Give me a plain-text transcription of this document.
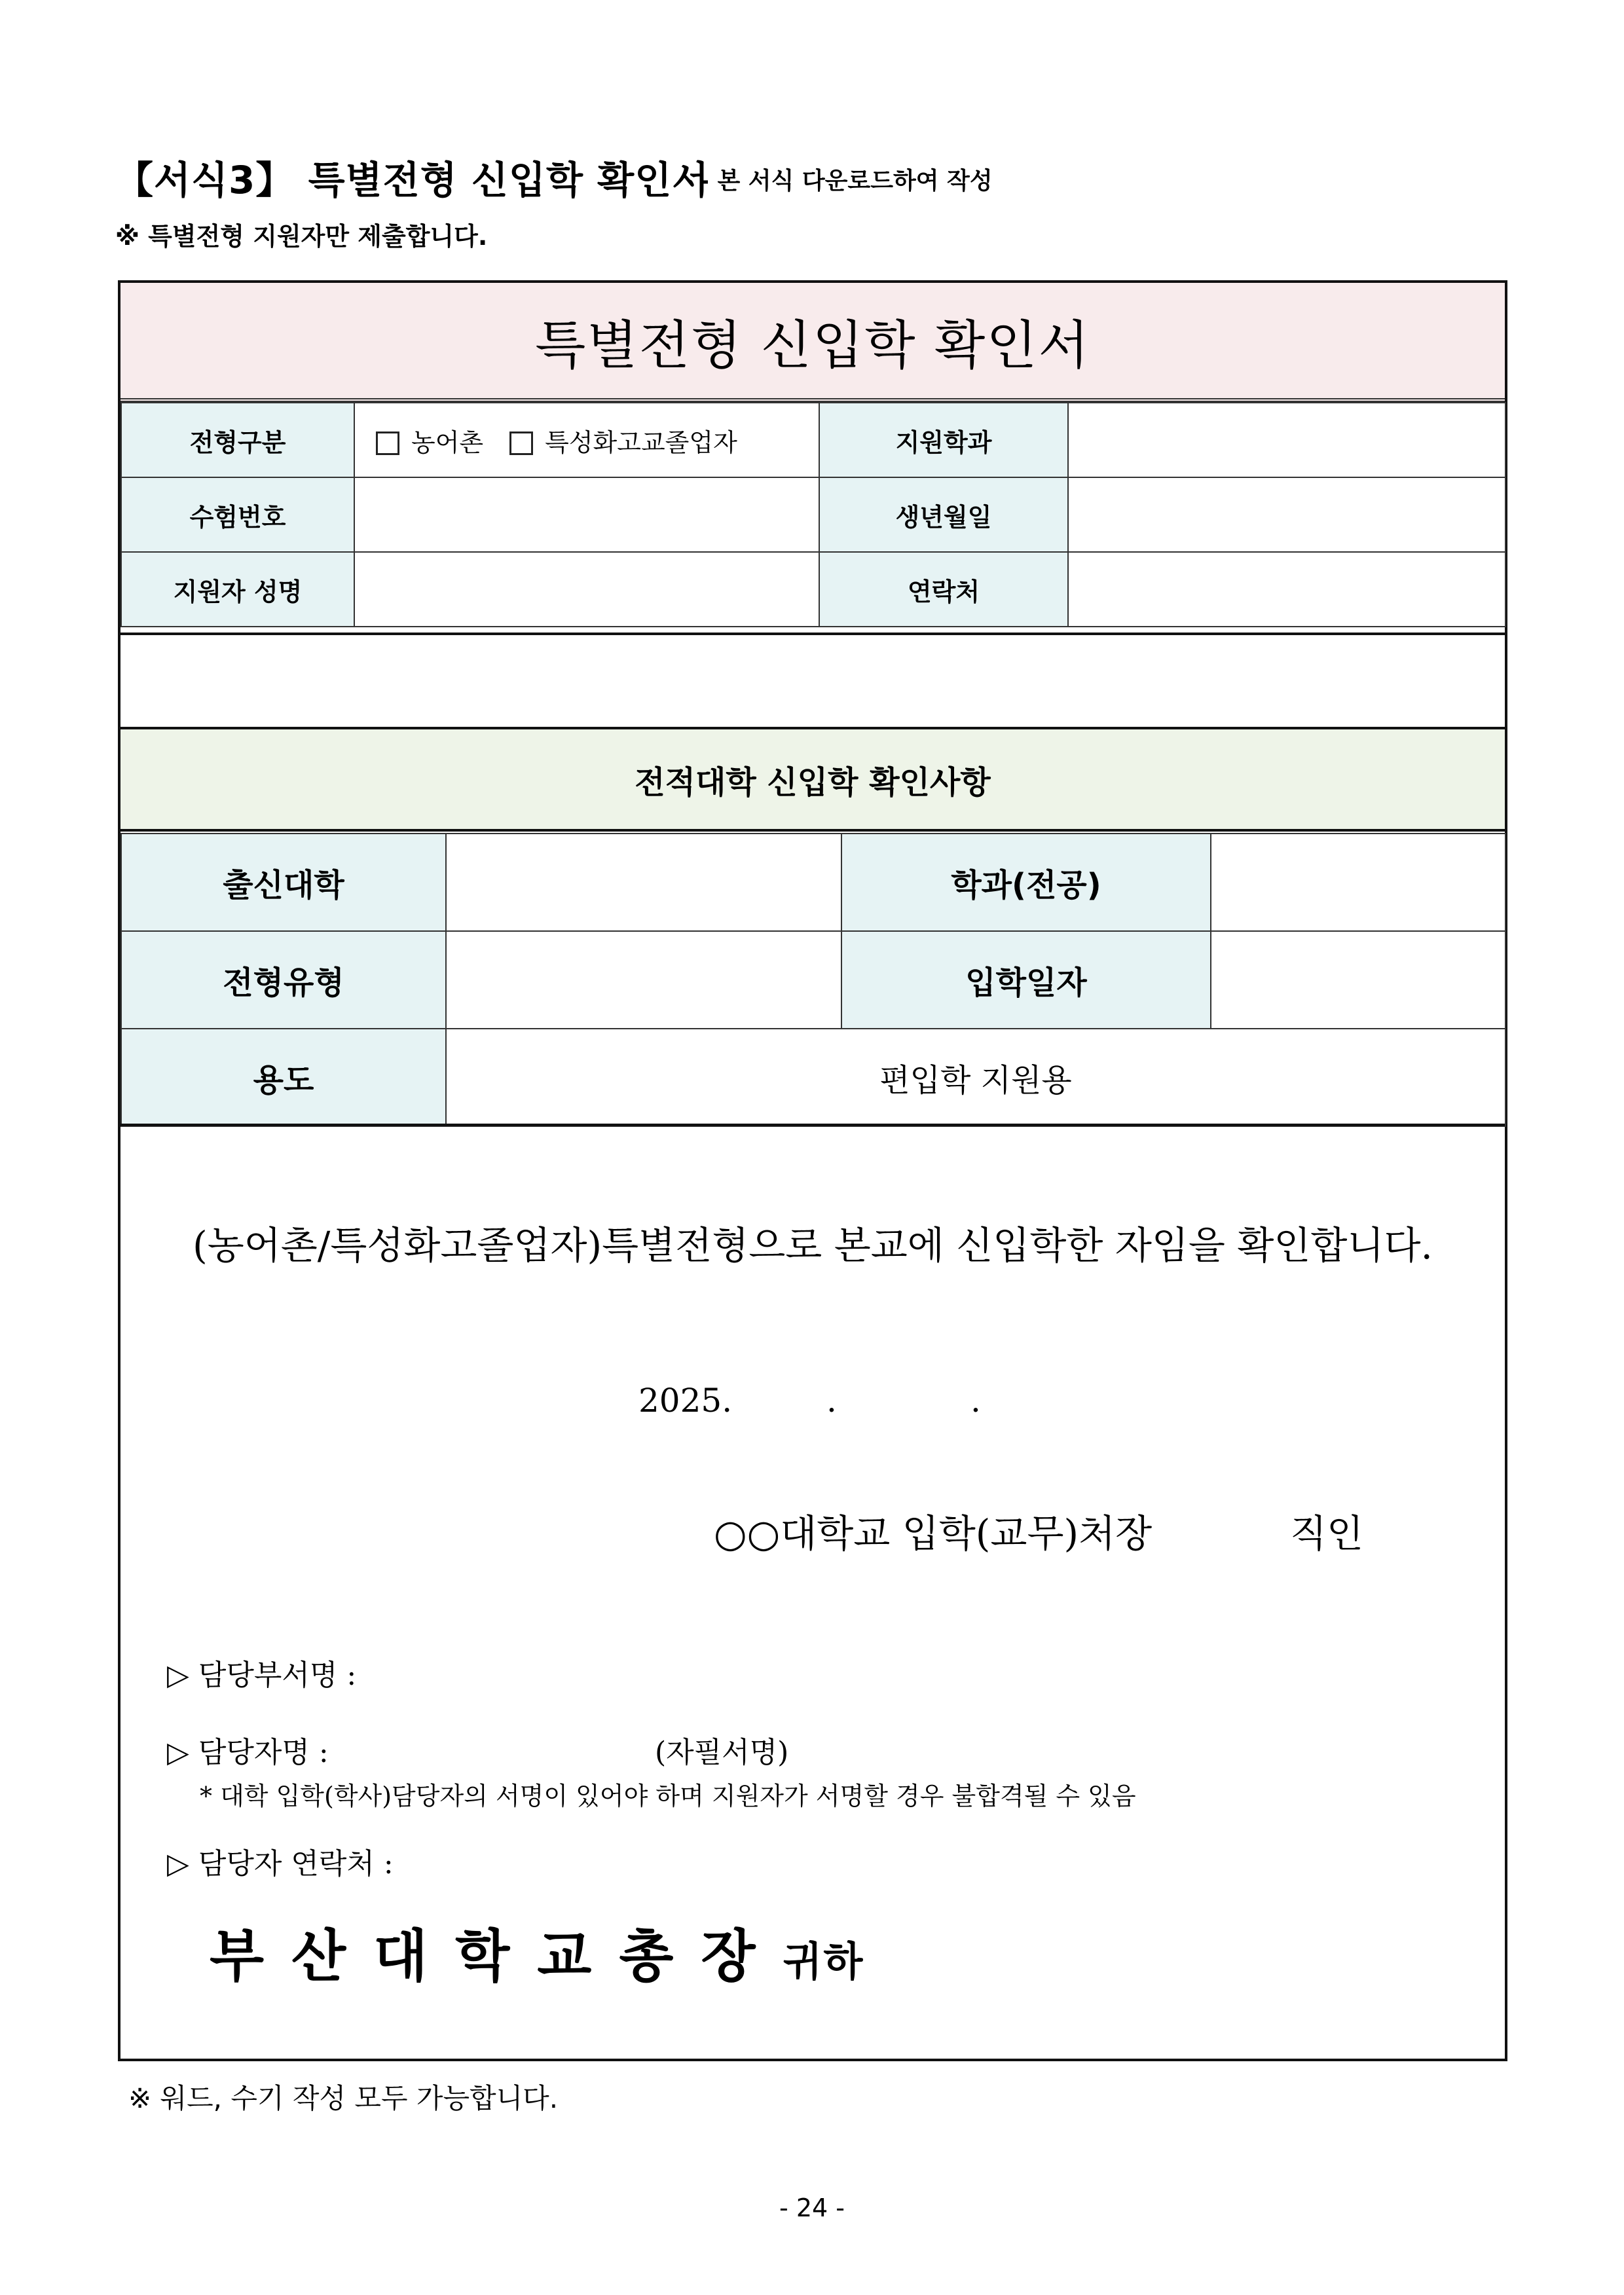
【서식3】 특별전형 신입학 확인서
- 본 서식 다운로드하여 작성
※ 특별전형 지원자만 제출합니다.
특별전형 신입학 확인서
전형구분	농어촌 특성화고교졸업자	지원학과	
수험번호		생년월일	
지원자 성명		연락처	
전적대학 신입학 확인사항
출신대학		학과(전공)	
전형유형		입학일자	
용도	편입학 지원용		
(농어촌/특성화고졸업자)특별전형으로 본교에 신입학한 자임을 확인합니다.
2025.	.	.
○○대학교 입학(교무)처장	직인
▷ 담당부서명 :
▷ 담당자명 :	(자필서명)
* 대학 입학(학사)담당자의 서명이 있어야 하며 지원자가 서명할 경우 불합격될 수 있음
▷ 담당자 연락처 :
부산대학교총장귀하
※ 워드, 수기 작성 모두 가능합니다.
- 24 -
